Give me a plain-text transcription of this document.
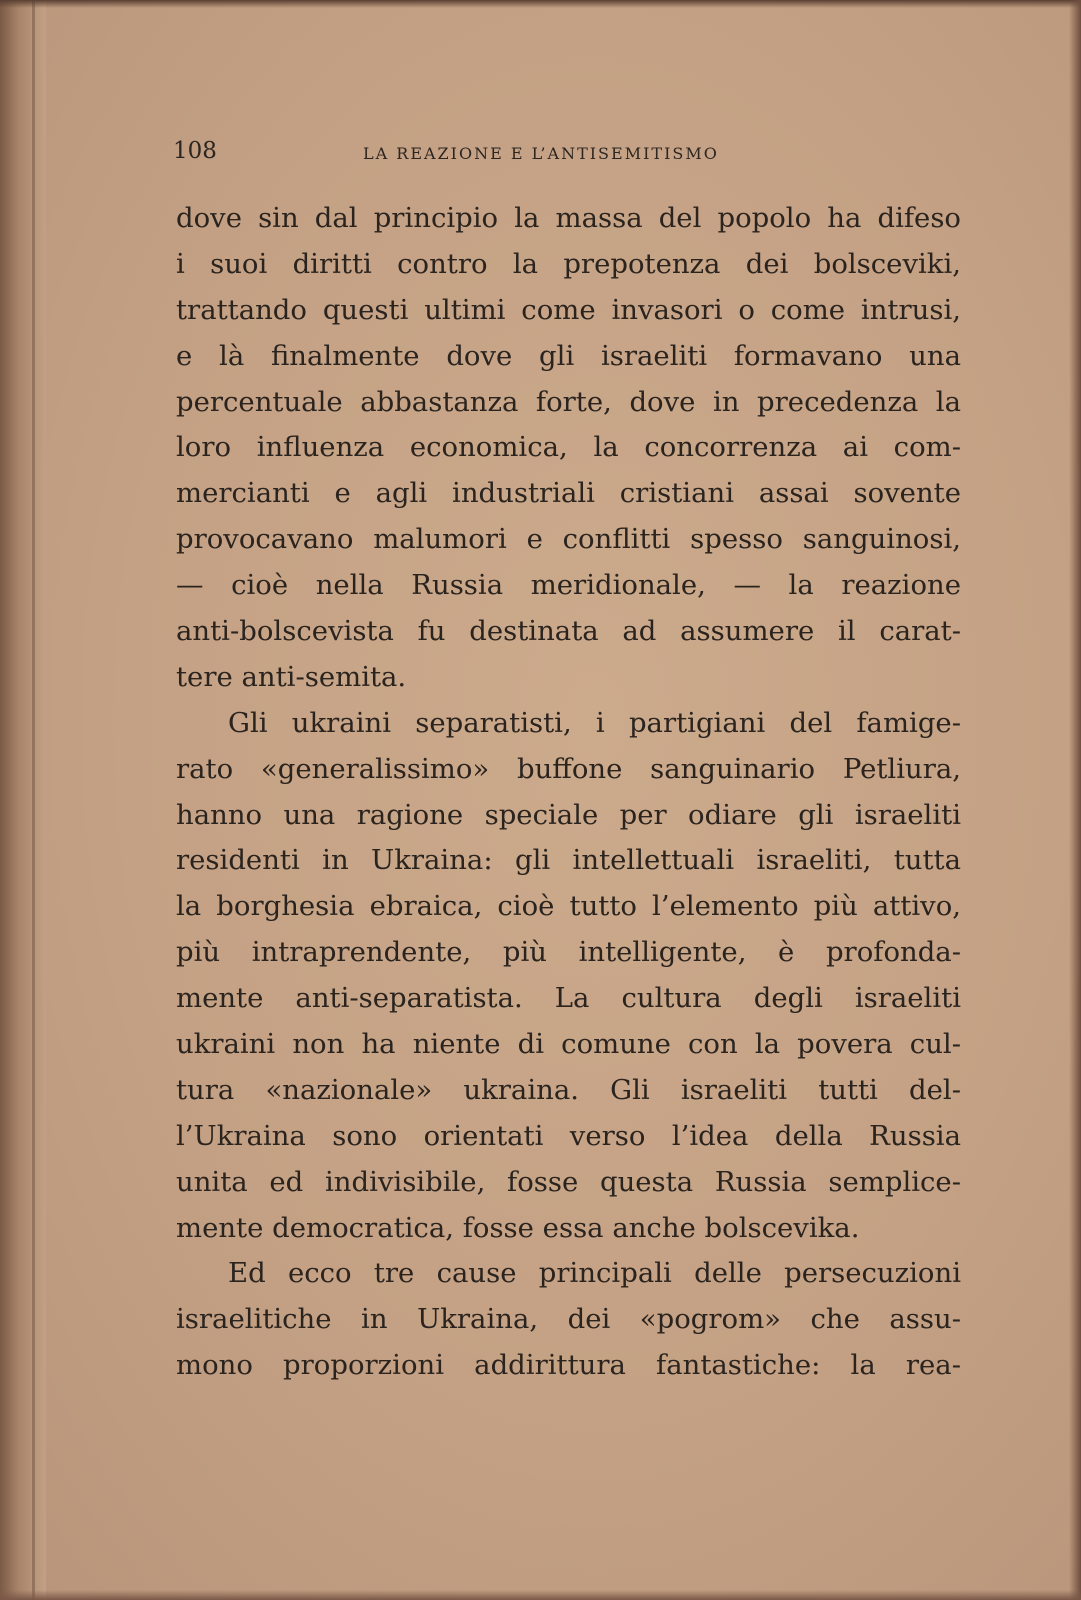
108	LA REAZIONE E L’ANTISEMITISMO
dove sin dal principio la massa del popolo ha difeso
i suoi diritti contro la prepotenza dei bolsceviki,
trattando questi ultimi come invasori o come intrusi,
e là finalmente dove gli israeliti formavano una
percentuale abbastanza forte, dove in precedenza la
loro influenza economica, la concorrenza ai com-
mercianti e agli industriali cristiani assai sovente
provocavano malumori e conflitti spesso sanguinosi,
— cioè nella Russia meridionale, — la reazione
anti-bolscevista fu destinata ad assumere il carat-
tere anti-semita.
Gli ukraini separatisti, i partigiani del famige-
rato «generalissimo» buffone sanguinario Petliura,
hanno una ragione speciale per odiare gli israeliti
residenti in Ukraina: gli intellettuali israeliti, tutta
la borghesia ebraica, cioè tutto l’elemento più attivo,
più intraprendente, più intelligente, è profonda-
mente anti-separatista. La cultura degli israeliti
ukraini non ha niente di comune con la povera cul-
tura «nazionale» ukraina. Gli israeliti tutti del-
l’Ukraina sono orientati verso l’idea della Russia
unita ed indivisibile, fosse questa Russia semplice-
mente democratica, fosse essa anche bolscevika.
Ed ecco tre cause principali delle persecuzioni
israelitiche in Ukraina, dei «pogrom» che assu-
mono proporzioni addirittura fantastiche: la rea-
